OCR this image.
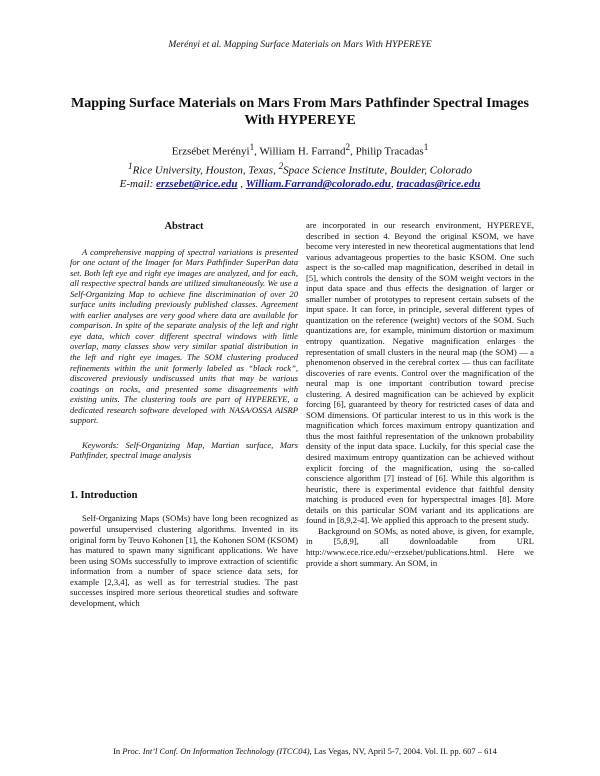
Merényi et al. Mapping Surface Materials on Mars With HYPEREYE
Mapping Surface Materials on Mars From Mars Pathfinder Spectral Images With HYPEREYE
Erzsébet Merényi$^1$, William H. Farrand$^2$, Philip Tracadas$^1$
$^1$Rice University, Houston, Texas, $^2$Space Science Institute, Boulder, Colorado
E-mail: erzsebet@rice.edu , William.Farrand@colorado.edu, tracadas@rice.edu
Abstract

A comprehensive mapping of spectral variations is presented for one octant of the Imager for Mars Pathfinder SuperPan data set. Both left eye and right eye images are analyzed, and for each, all respective spectral bands are utilized simultaneously. We use a Self-Organizing Map to achieve fine discrimination of over 20 surface units including previously published classes. Agreement with earlier analyses are very good where data are available for comparison. In spite of the separate analysis of the left and right eye data, which cover different spectral windows with little overlap, many classes show very similar spatial distribution in the left and right eye images. The SOM clustering produced refinements within the unit formerly labeled as “black rock”, discovered previously undiscussed units that may be various coatings on rocks, and presented some disagreements with existing units. The clustering tools are part of HYPEREYE, a dedicated research software developed with NASA/OSSA AISRP support.

Keywords: Self-Organizing Map, Martian surface, Mars Pathfinder, spectral image analysis

1. Introduction

Self-Organizing Maps (SOMs) have long been recognized as powerful unsupervised clustering algorithms. Invented in its original form by Teuvo Kohonen [1], the Kohonen SOM (KSOM) has matured to spawn many significant applications. We have been using SOMs successfully to improve extraction of scientific information from a number of space science data sets, for example [2,3,4], as well as for terrestrial studies. The past successes inspired more serious theoretical studies and software development, which

are incorporated in our research environment, HYPEREYE, described in section 4. Beyond the original KSOM, we have become very interested in new theoretical augmentations that lend various advantageous properties to the basic KSOM. One such aspect is the so-called map magnification, described in detail in [5], which controls the density of the SOM weight vectors in the input data space and thus effects the designation of larger or smaller number of prototypes to represent certain subsets of the input space. It can force, in principle, several different types of quantization on the reference (weight) vectors of the SOM. Such quantizations are, for example, minimum distortion or maximum entropy quantization. Negative magnification enlarges the representation of small clusters in the neural map (the SOM) — a phenomenon observed in the cerebral cortex — thus can facilitate discoveries of rare events. Control over the magnification of the neural map is one important contribution toward precise clustering. A desired magnification can be achieved by explicit forcing [6], guaranteed by theory for restricted cases of data and SOM dimensions. Of particular interest to us in this work is the magnification which forces maximum entropy quantization and thus the most faithful representation of the unknown probability density of the input data space. Luckily, for this special case the desired maximum entropy quantization can be achieved without explicit forcing of the magnification, using the so-called conscience algorithm [7] instead of [6]. While this algorithm is heuristic, there is experimental evidence that faithful density matching is produced even for hyperspectral images [8]. More details on this particular SOM variant and its applications are found in [8,9,2-4]. We applied this approach to the present study.

Background on SOMs, as noted above, is given, for example, in [5,8,9], all downloadable from URL http://www.ece.rice.edu/~erzsebet/publications.html. Here we provide a short summary. An SOM, in

In Proc. Int’l Conf. On Information Technology (ITCC04), Las Vegas, NV, April 5-7, 2004. Vol. II. pp. 607 – 614
